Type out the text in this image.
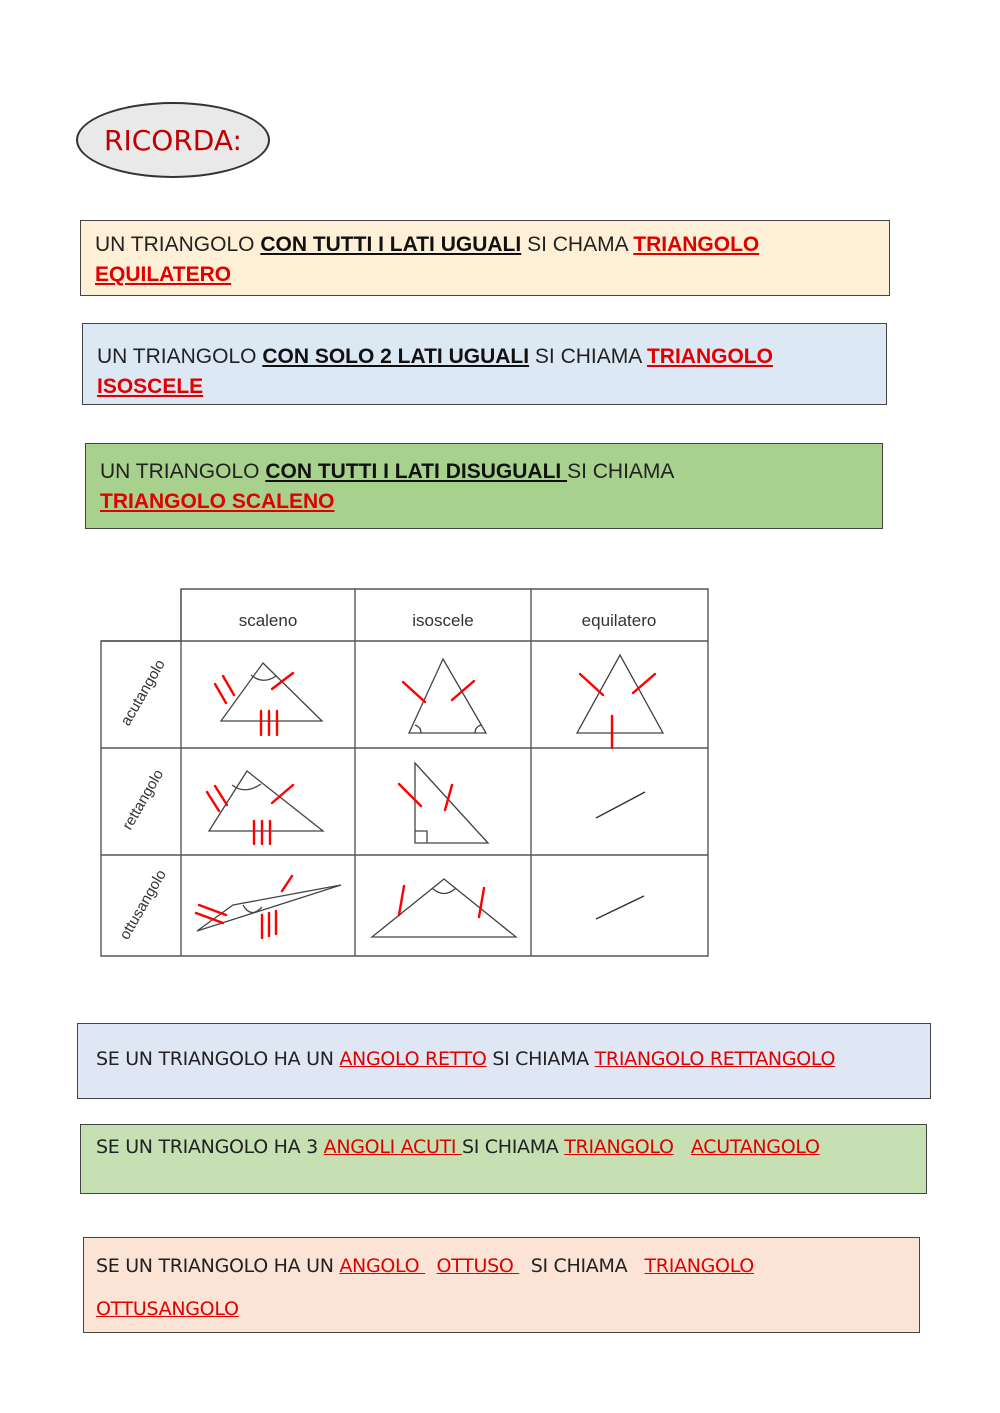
RICORDA:
UN TRIANGOLO CON TUTTI I LATI UGUALI SI CHAMA TRIANGOLO EQUILATERO
UN TRIANGOLO CON SOLO 2 LATI UGUALI SI CHIAMA TRIANGOLO ISOSCELE
UN TRIANGOLO CON TUTTI I LATI DISUGUALI SI CHIAMA
TRIANGOLO SCALENO
scaleno	isoscele	equilatero
acutangolo
rettangolo
ottusangolo
SE UN TRIANGOLO HA UN ANGOLO RETTO SI CHIAMA TRIANGOLO RETTANGOLO
SE UN TRIANGOLO HA 3 ANGOLI ACUTI SI CHIAMA TRIANGOLO ACUTANGOLO
SE UN TRIANGOLO HA UN ANGOLO   OTTUSO   SI CHIAMA   TRIANGOLO
OTTUSANGOLO
